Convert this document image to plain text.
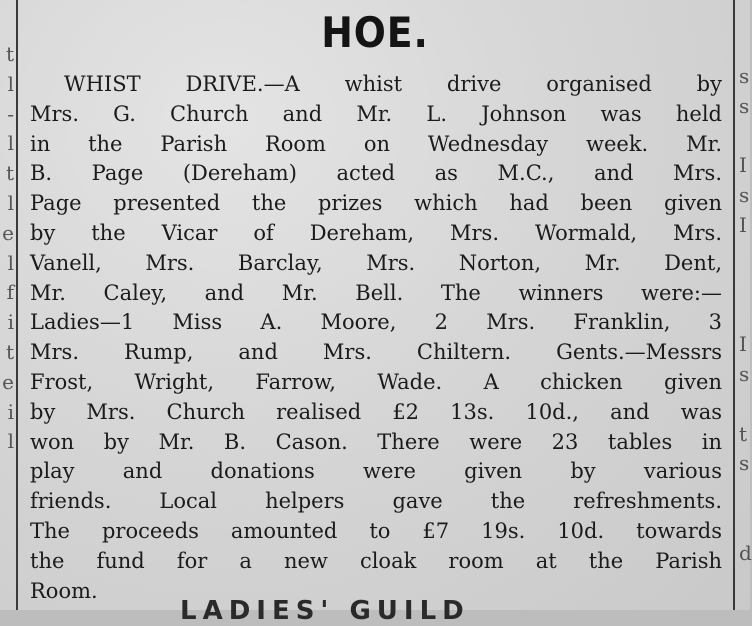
t
l
-
l
t
l
e
l
f
i
t
e
i
l
s
s
I
s
I
I
s
t
s
d
HOE.
WHIST DRIVE.—A whist drive organised by
Mrs. G. Church and Mr. L. Johnson was held
in the Parish Room on Wednesday week. Mr.
B. Page (Dereham) acted as M.C., and Mrs.
Page presented the prizes which had been given
by the Vicar of Dereham, Mrs. Wormald, Mrs.
Vanell, Mrs. Barclay, Mrs. Norton, Mr. Dent,
Mr. Caley, and Mr. Bell. The winners were:—
Ladies—1 Miss A. Moore, 2 Mrs. Franklin, 3
Mrs. Rump, and Mrs. Chiltern. Gents.—Messrs
Frost, Wright, Farrow, Wade. A chicken given
by Mrs. Church realised £2 13s. 10d., and was
won by Mr. B. Cason. There were 23 tables in
play and donations were given by various
friends. Local helpers gave the refreshments.
The proceeds amounted to £7 19s. 10d. towards
the fund for a new cloak room at the Parish
Room.
LADIES' GUILD
